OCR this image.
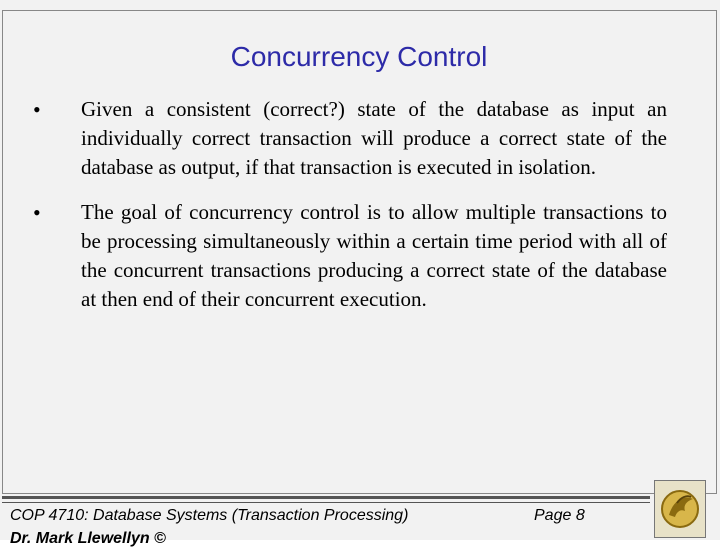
Concurrency Control
•	Given a consistent (correct?) state of the database as input an individually correct transaction will produce a correct state of the database as output, if that transaction is executed in isolation.
•	The goal of concurrency control is to allow multiple transactions to be processing simultaneously within a certain time period with all of the concurrent transactions producing a correct state of the database at then end of their concurrent execution.
COP 4710: Database Systems (Transaction Processing)	Page 8
Dr. Mark Llewellyn ©
